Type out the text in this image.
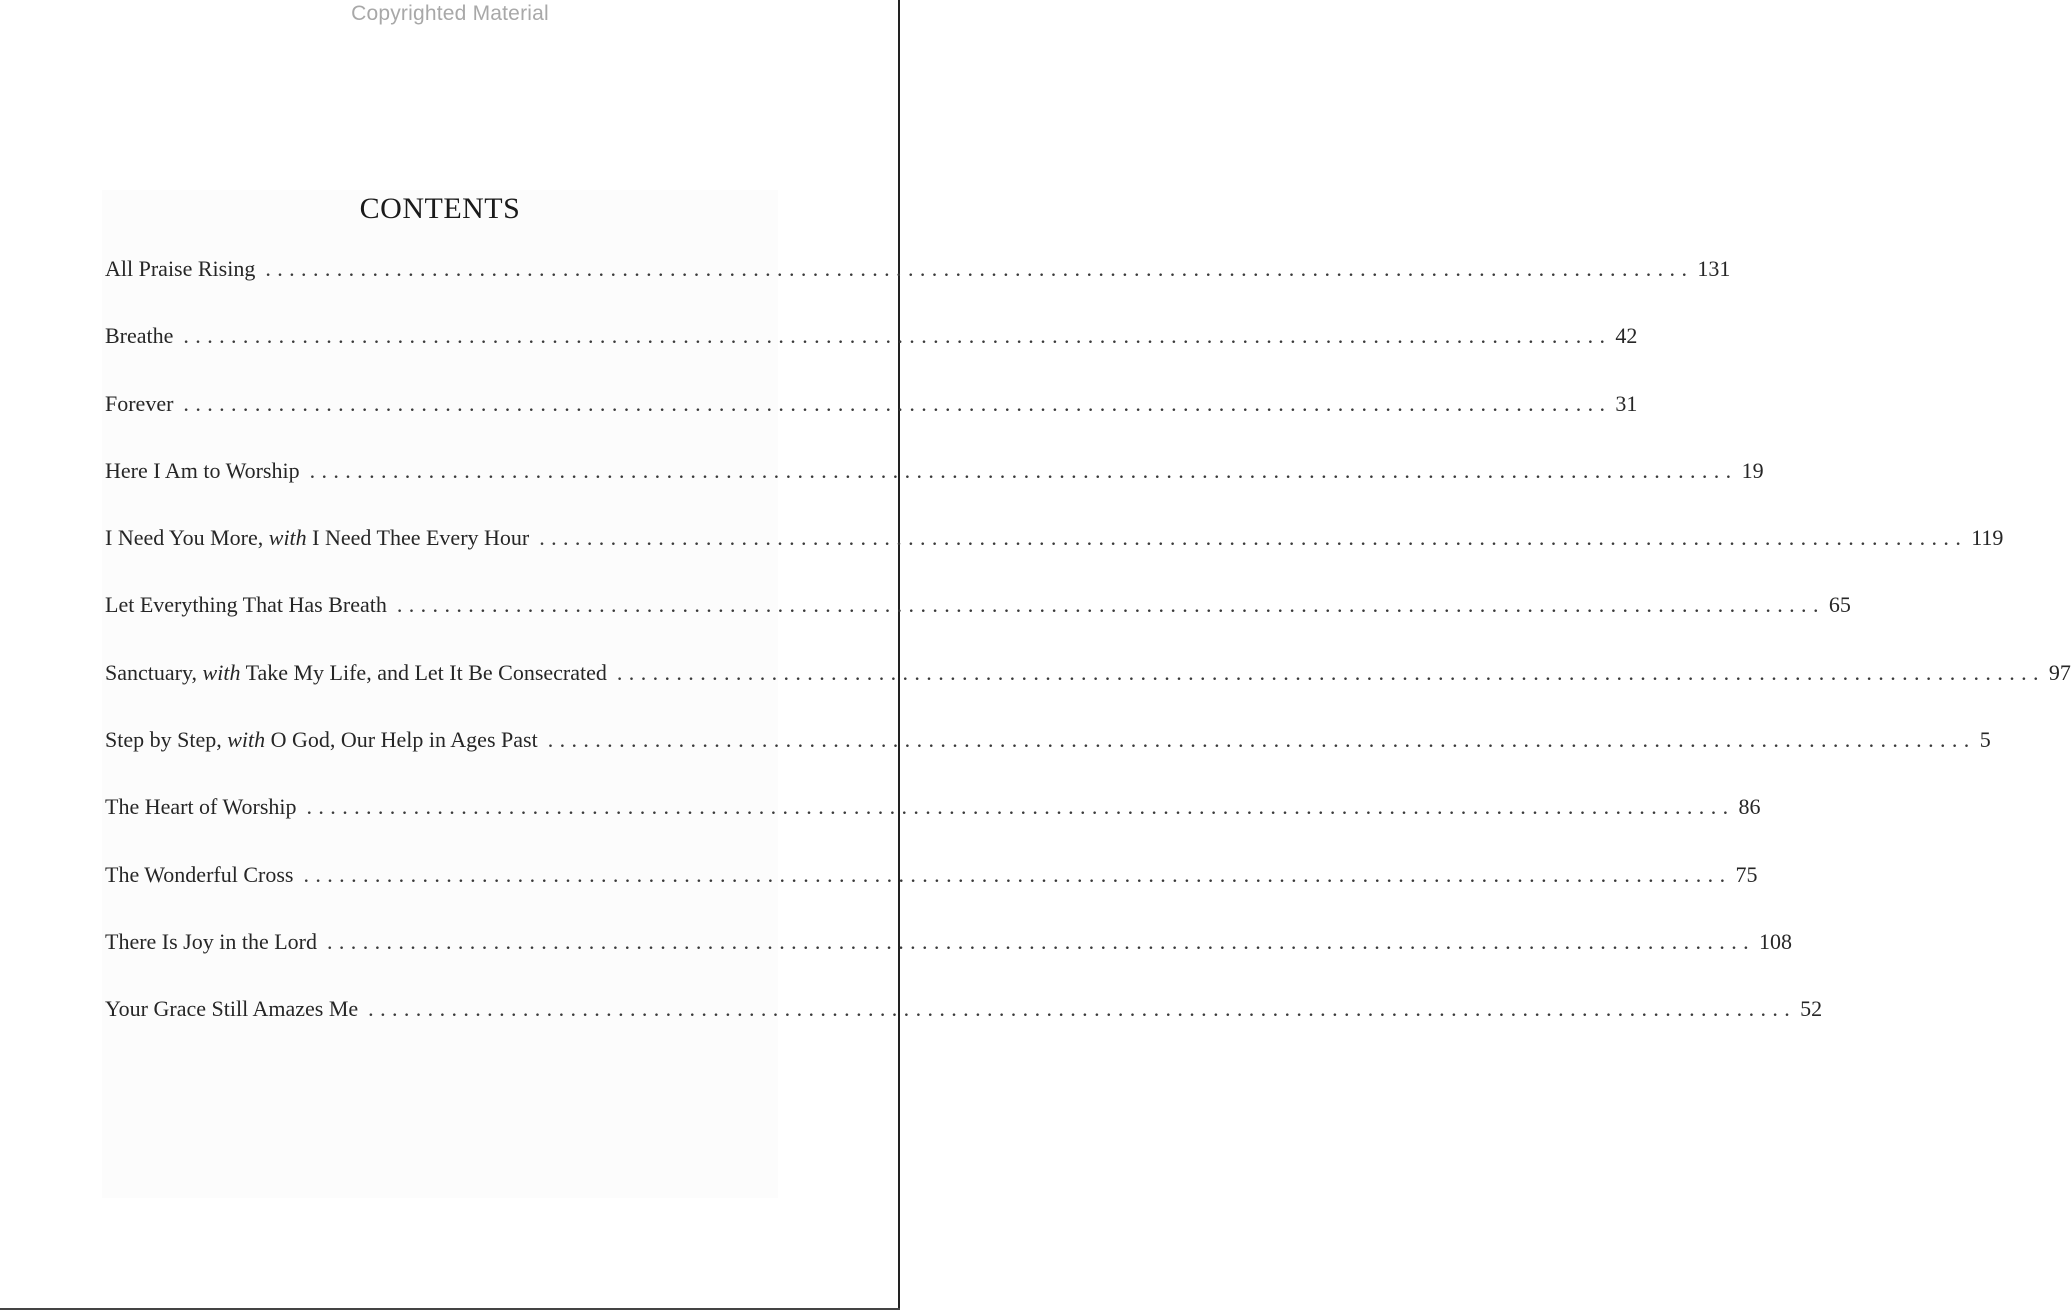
Copyrighted Material
CONTENTS
All Praise Rising ........................................................................................................................ 131
Breathe ........................................................................................................................ 42
Forever ........................................................................................................................ 31
Here I Am to Worship ........................................................................................................................ 19
I Need You More, with I Need Thee Every Hour ........................................................................................................................ 119
Let Everything That Has Breath ........................................................................................................................ 65
Sanctuary, with Take My Life, and Let It Be Consecrated ........................................................................................................................ 97
Step by Step, with O God, Our Help in Ages Past ........................................................................................................................ 5
The Heart of Worship ........................................................................................................................ 86
The Wonderful Cross ........................................................................................................................ 75
There Is Joy in the Lord ........................................................................................................................ 108
Your Grace Still Amazes Me ........................................................................................................................ 52
